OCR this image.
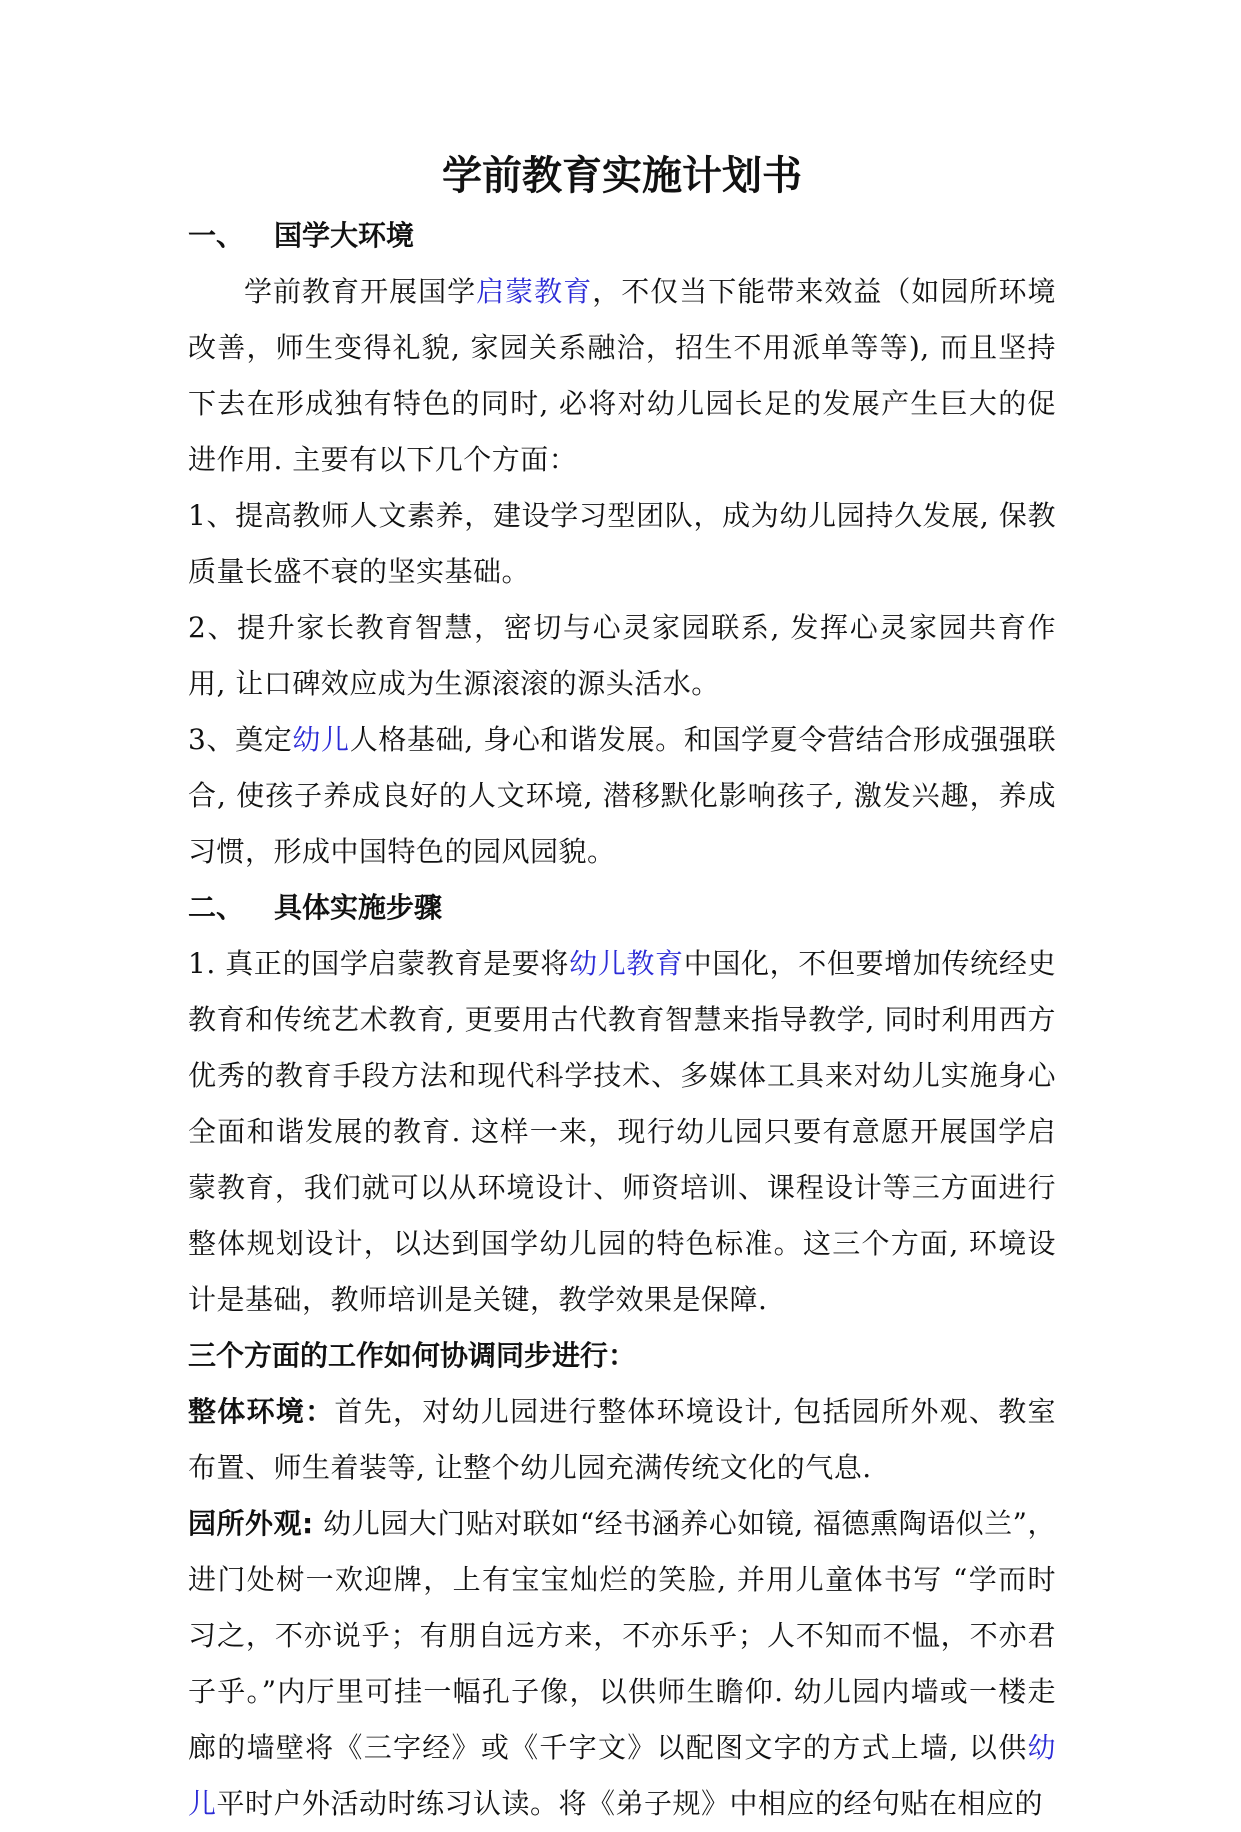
学前教育实施计划书
一、 国学大环境

学前教育开展国学启蒙教育，不仅当下能带来效益（如园所环境改善，师生变得礼貌, 家园关系融洽，招生不用派单等等), 而且坚持下去在形成独有特色的同时, 必将对幼儿园长足的发展产生巨大的促进作用. 主要有以下几个方面：

1、提高教师人文素养，建设学习型团队，成为幼儿园持久发展, 保教质量长盛不衰的坚实基础。

2、提升家长教育智慧，密切与心灵家园联系, 发挥心灵家园共育作用, 让口碑效应成为生源滚滚的源头活水。

3、奠定幼儿人格基础, 身心和谐发展。和国学夏令营结合形成强强联合, 使孩子养成良好的人文环境, 潜移默化影响孩子, 激发兴趣，养成习惯，形成中国特色的园风园貌。

二、 具体实施步骤

1. 真正的国学启蒙教育是要将幼儿教育中国化，不但要增加传统经史教育和传统艺术教育, 更要用古代教育智慧来指导教学, 同时利用西方优秀的教育手段方法和现代科学技术、多媒体工具来对幼儿实施身心全面和谐发展的教育. 这样一来，现行幼儿园只要有意愿开展国学启蒙教育，我们就可以从环境设计、师资培训、课程设计等三方面进行整体规划设计，以达到国学幼儿园的特色标准。这三个方面, 环境设计是基础，教师培训是关键，教学效果是保障.

三个方面的工作如何协调同步进行：

整体环境：首先，对幼儿园进行整体环境设计, 包括园所外观、教室布置、师生着装等, 让整个幼儿园充满传统文化的气息.

园所外观: 幼儿园大门贴对联如“经书涵养心如镜, 福德熏陶语似兰”，进门处树一欢迎牌，上有宝宝灿烂的笑脸, 并用儿童体书写 “学而时习之，不亦说乎；有朋自远方来，不亦乐乎；人不知而不愠，不亦君子乎。”内厅里可挂一幅孔子像，以供师生瞻仰. 幼儿园内墙或一楼走廊的墙壁将《三字经》或《千字文》以配图文字的方式上墙, 以供幼儿平时户外活动时练习认读。将《弟子规》中相应的经句贴在相应的
